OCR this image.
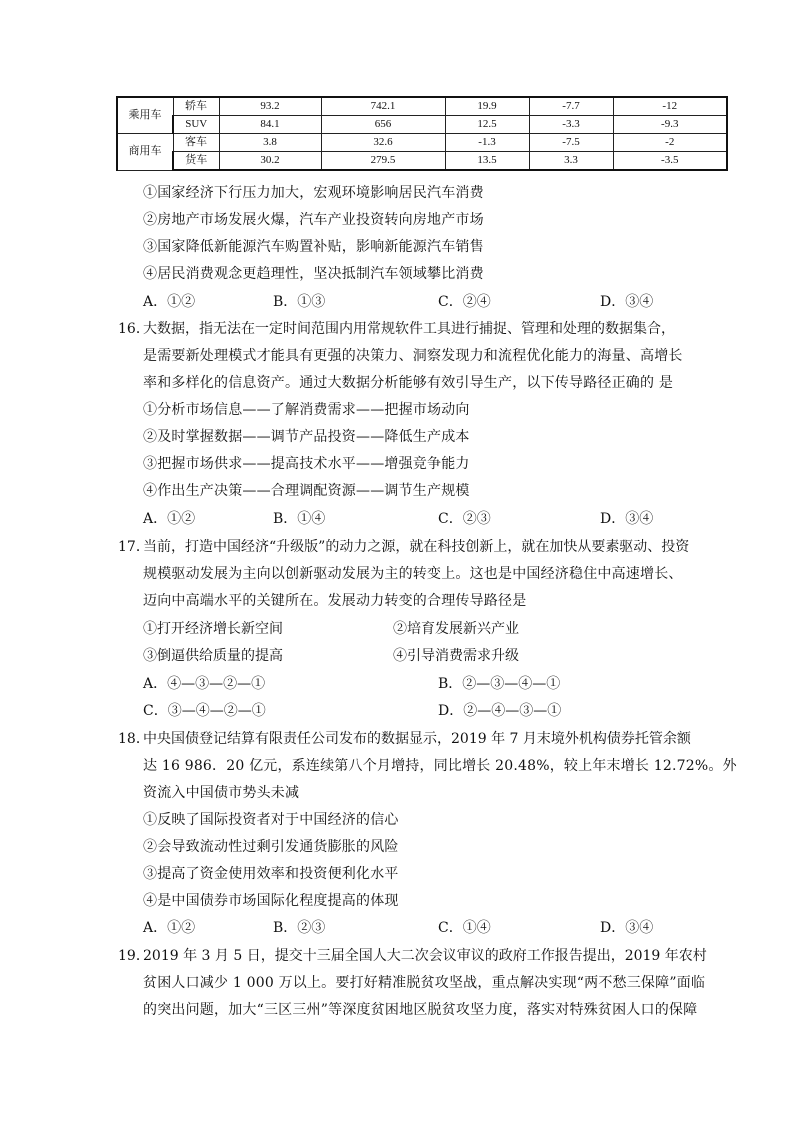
乘用车	轿车	93.2	742.1	19.9	-7.7	-12
	SUV	84.1	656	12.5	-3.3	-9.3
商用车	客车	3.8	32.6	-1.3	-7.5	-2
	货车	30.2	279.5	13.5	3.3	-3.5
①国家经济下行压力加大，宏观环境影响居民汽车消费
②房地产市场发展火爆，汽车产业投资转向房地产市场
③国家降低新能源汽车购置补贴，影响新能源汽车销售
④居民消费观念更趋理性，坚决抵制汽车领域攀比消费
A．①②	B．①③	C．②④	D．③④
16．大数据，指无法在一定时间范围内用常规软件工具进行捕捉、管理和处理的数据集合，
是需要新处理模式才能具有更强的决策力、洞察发现力和流程优化能力的海量、高增长
率和多样化的信息资产。通过大数据分析能够有效引导生产，以下传导路径正确的 是
①分析市场信息——了解消费需求——把握市场动向
②及时掌握数据——调节产品投资——降低生产成本
③把握市场供求——提高技术水平——增强竞争能力
④作出生产决策——合理调配资源——调节生产规模
A．①②	B．①④	C．②③	D．③④
17．当前，打造中国经济“升级版”的动力之源，就在科技创新上，就在加快从要素驱动、投资
规模驱动发展为主向以创新驱动发展为主的转变上。这也是中国经济稳住中高速增长、
迈向中高端水平的关键所在。发展动力转变的合理传导路径是
①打开经济增长新空间	②培育发展新兴产业
③倒逼供给质量的提高	④引导消费需求升级
A．④—③—②—①	B．②—③—④—①
C．③—④—②—①	D．②—④—③—①
18．中央国债登记结算有限责任公司发布的数据显示，2019 年 7 月末境外机构债券托管余额
达 16 986．20 亿元，系连续第八个月增持，同比增长 20.48%，较上年末增长 12.72%。外
资流入中国债市势头未减
①反映了国际投资者对于中国经济的信心
②会导致流动性过剩引发通货膨胀的风险
③提高了资金使用效率和投资便利化水平
④是中国债券市场国际化程度提高的体现
A．①②	B．②③	C．①④	D．③④
19．2019 年 3 月 5 日，提交十三届全国人大二次会议审议的政府工作报告提出，2019 年农村
贫困人口减少 1 000 万以上。要打好精准脱贫攻坚战，重点解决实现“两不愁三保障”面临
的突出问题，加大“三区三州”等深度贫困地区脱贫攻坚力度，落实对特殊贫困人口的保障
